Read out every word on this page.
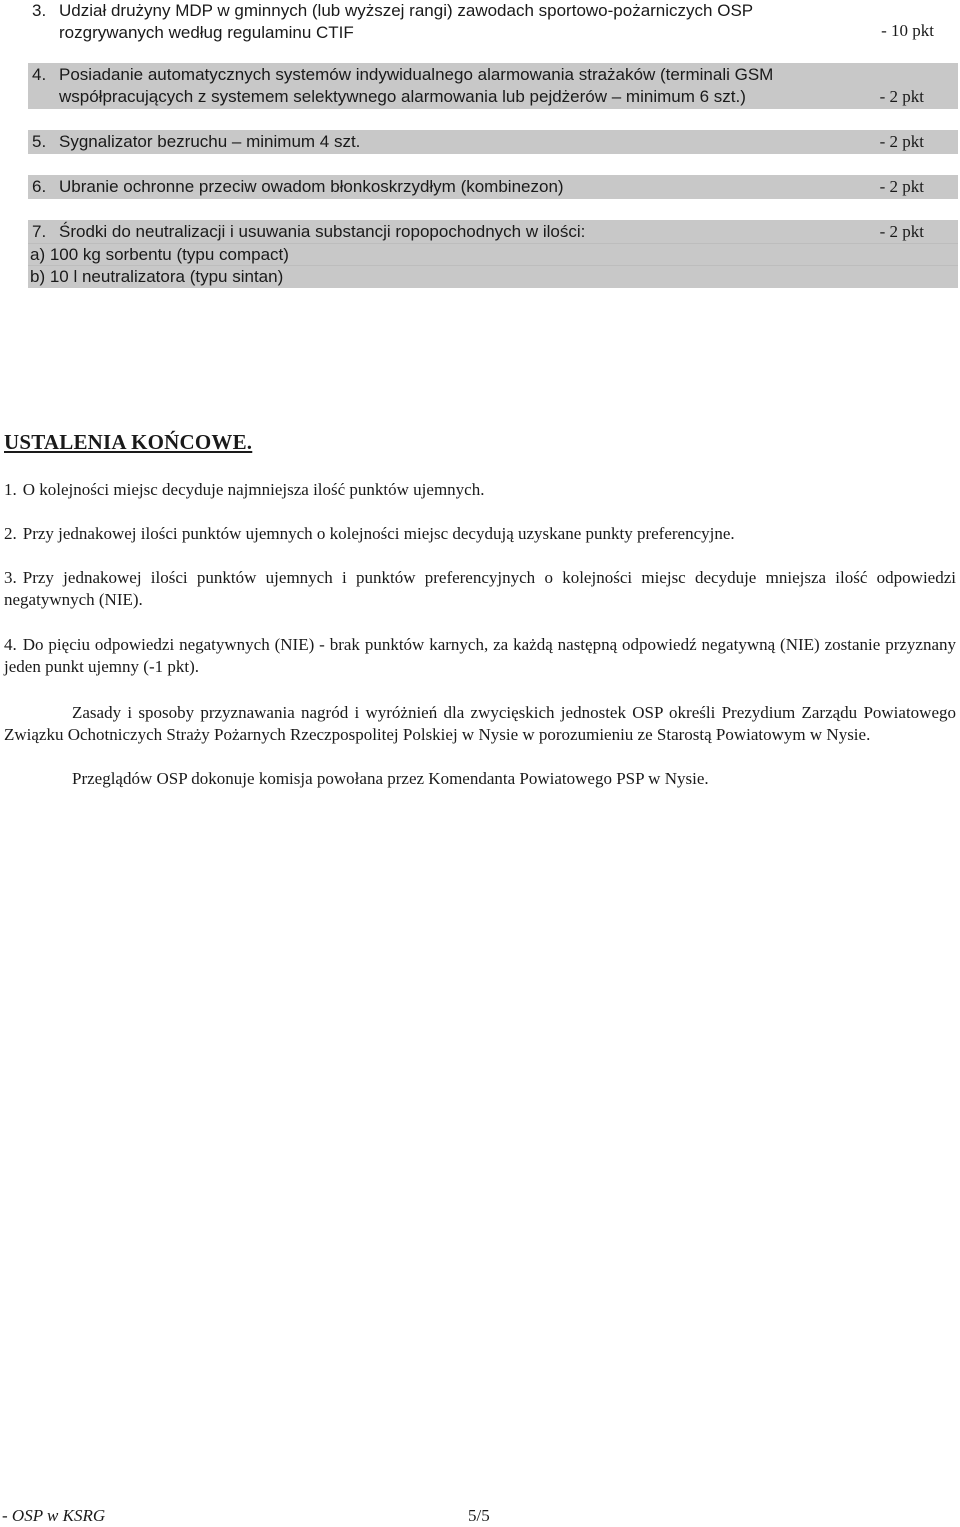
3. Udział drużyny MDP w gminnych (lub wyższej rangi) zawodach sportowo-pożarniczych OSP rozgrywanych według regulaminu CTIF	- 10 pkt
4. Posiadanie automatycznych systemów indywidualnego alarmowania strażaków (terminali GSM współpracujących z systemem selektywnego alarmowania lub pejdżerów – minimum 6 szt.)	- 2 pkt
5. Sygnalizator bezruchu – minimum 4 szt.	- 2 pkt
6. Ubranie ochronne przeciw owadom błonkoskrzydłym (kombinezon)	- 2 pkt
7. Środki do neutralizacji i usuwania substancji ropopochodnych w ilości:	- 2 pkt
a) 100 kg sorbentu (typu compact)
b) 10 l neutralizatora (typu sintan)
USTALENIA KOŃCOWE.
1. O kolejności miejsc decyduje najmniejsza ilość punktów ujemnych.
2. Przy jednakowej ilości punktów ujemnych o kolejności miejsc decydują uzyskane punkty preferencyjne.
3. Przy jednakowej ilości punktów ujemnych i punktów preferencyjnych o kolejności miejsc decyduje mniejsza ilość odpowiedzi negatywnych (NIE).
4. Do pięciu odpowiedzi negatywnych (NIE) - brak punktów karnych, za każdą następną odpowiedź negatywną (NIE) zostanie przyznany jeden punkt ujemny (-1 pkt).
Zasady i sposoby przyznawania nagród i wyróżnień dla zwycięskich jednostek OSP określi Prezydium Zarządu Powiatowego Związku Ochotniczych Straży Pożarnych Rzeczpospolitej Polskiej w Nysie w porozumieniu ze Starostą Powiatowym w Nysie.
Przeglądów OSP dokonuje komisja powołana przez Komendanta Powiatowego PSP w Nysie.
- OSP w KSRG	5/5
